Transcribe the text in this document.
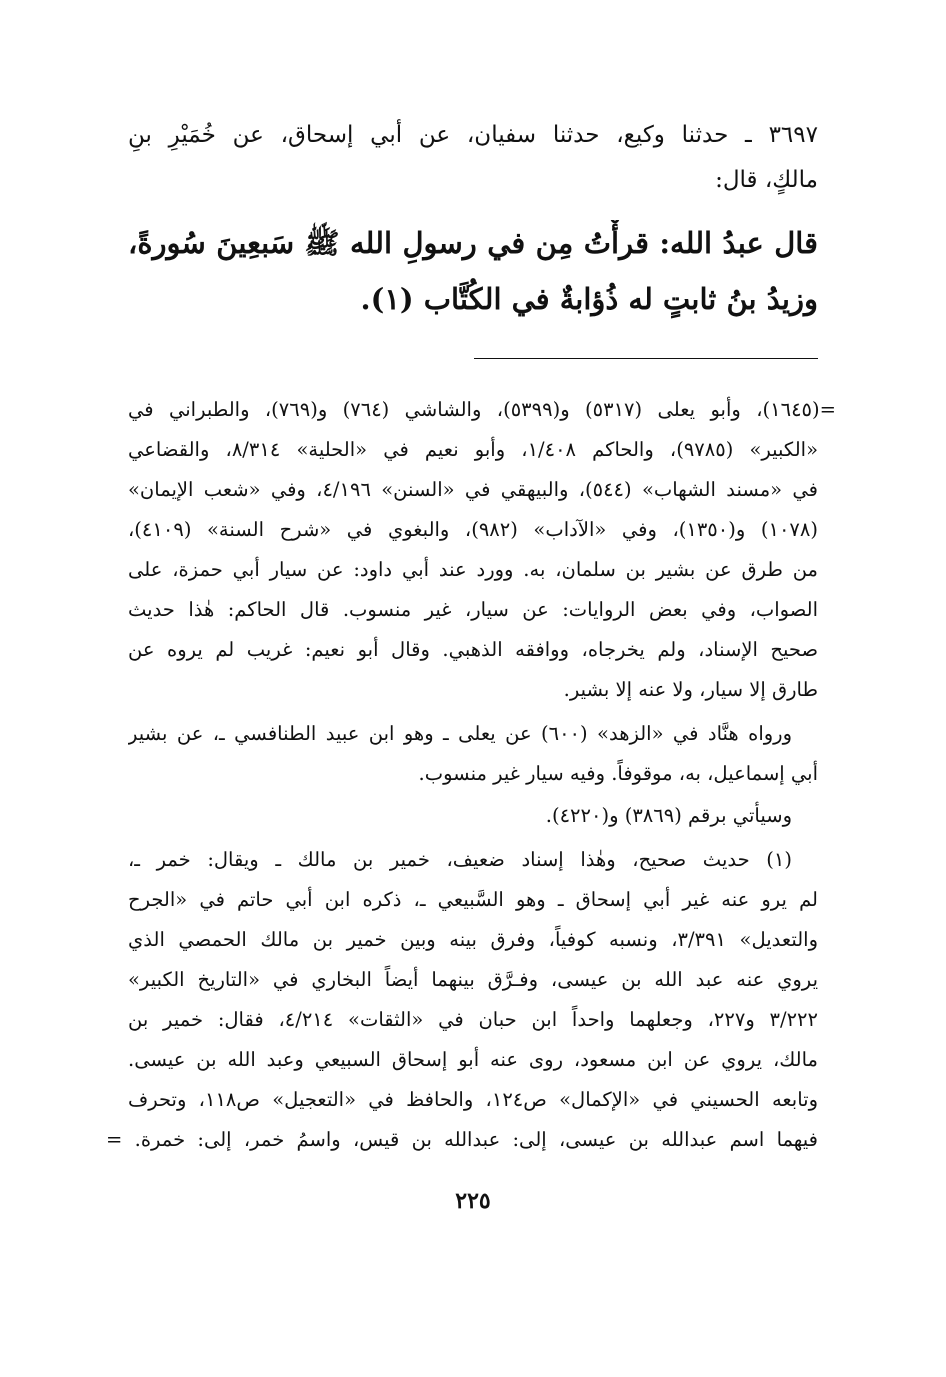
٣٦٩٧ ـ حدثنا وكيع، حدثنا سفيان، عن أبي إسحاق، عن خُمَيْرِ بنِ
مالكٍ، قال:
قال عبدُ الله: قرأْتُ مِن في رسولِ الله ﷺ سَبعِينَ سُورةً،
وزيدُ بنُ ثابتٍ له ذُؤابةٌ في الكُتَّاب (١).
=(١٦٤٥)، وأبو يعلى (٥٣١٧) و(٥٣٩٩)، والشاشي (٧٦٤) و(٧٦٩)، والطبراني في
«الكبير» (٩٧٨٥)، والحاكم ١/٤٠٨، وأبو نعيم في «الحلية» ٨/٣١٤، والقضاعي
في «مسند الشهاب» (٥٤٤)، والبيهقي في «السنن» ٤/١٩٦، وفي «شعب الإيمان»
(١٠٧٨) و(١٣٥٠)، وفي «الآداب» (٩٨٢)، والبغوي في «شرح السنة» (٤١٠٩)،
من طرق عن بشير بن سلمان، به. وورد عند أبي داود: عن سيار أبي حمزة، على
الصواب، وفي بعض الروايات: عن سيار، غير منسوب. قال الحاكم: هٰذا حديث
صحيح الإسناد، ولم يخرجاه، ووافقه الذهبي. وقال أبو نعيم: غريب لم يروه عن
طارق إلا سيار، ولا عنه إلا بشير.
ورواه هنَّاد في «الزهد» (٦٠٠) عن يعلى ـ وهو ابن عبيد الطنافسي ـ، عن بشير
أبي إسماعيل، به، موقوفاً. وفيه سيار غير منسوب.
وسيأتي برقم (٣٨٦٩) و(٤٢٢٠).
(١) حديث صحيح، وهٰذا إسناد ضعيف، خمير بن مالك ـ ويقال: خمر ـ،
لم يرو عنه غير أبي إسحاق ـ وهو السَّبيعي ـ، ذكره ابن أبي حاتم في «الجرح
والتعديل» ٣/٣٩١، ونسبه كوفياً، وفرق بينه وبين خمير بن مالك الحمصي الذي
يروي عنه عبد الله بن عيسى، وفـرَّق بينهما أيضاً البخاري في «التاريخ الكبير»
٣/٢٢٢ و٢٢٧، وجعلهما واحداً ابن حبان في «الثقات» ٤/٢١٤، فقال: خمير بن
مالك، يروي عن ابن مسعود، روى عنه أبو إسحاق السبيعي وعبد الله بن عيسى.
وتابعه الحسيني في «الإكمال» ص١٢٤، والحافظ في «التعجيل» ص١١٨، وتحرف
فيهما اسم عبدالله بن عيسى، إلى: عبدالله بن قيس، واسمُ خمر، إلى: خمرة. =
٢٢٥
